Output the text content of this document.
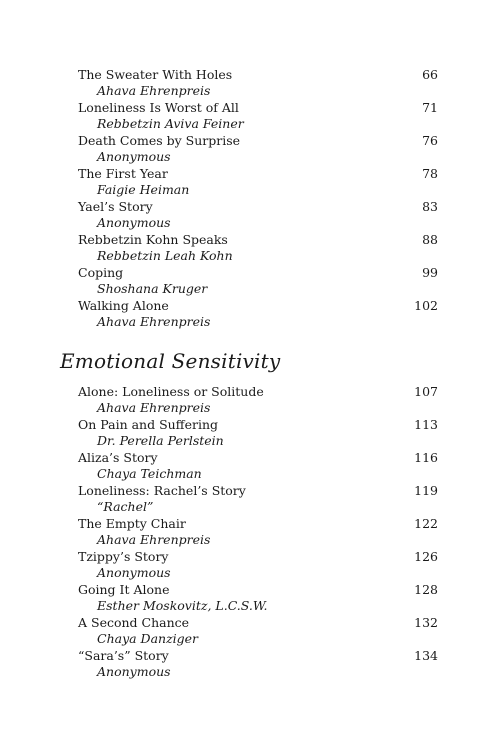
The Sweater With Holes
Ahava Ehrenpreis
66
Loneliness Is Worst of All
Rebbetzin Aviva Feiner
71
Death Comes by Surprise
Anonymous
76
The First Year
Faigie Heiman
78
Yael’s Story
Anonymous
83
Rebbetzin Kohn Speaks
Rebbetzin Leah Kohn
88
Coping
Shoshana Kruger
99
Walking Alone
Ahava Ehrenpreis
102
Emotional Sensitivity
Alone: Loneliness or Solitude
Ahava Ehrenpreis
107
On Pain and Suffering
Dr. Perella Perlstein
113
Aliza’s Story
Chaya Teichman
116
Loneliness: Rachel’s Story
“Rachel”
119
The Empty Chair
Ahava Ehrenpreis
122
Tzippy’s Story
Anonymous
126
Going It Alone
Esther Moskovitz, L.C.S.W.
128
A Second Chance
Chaya Danziger
132
“Sara’s” Story
Anonymous
134
